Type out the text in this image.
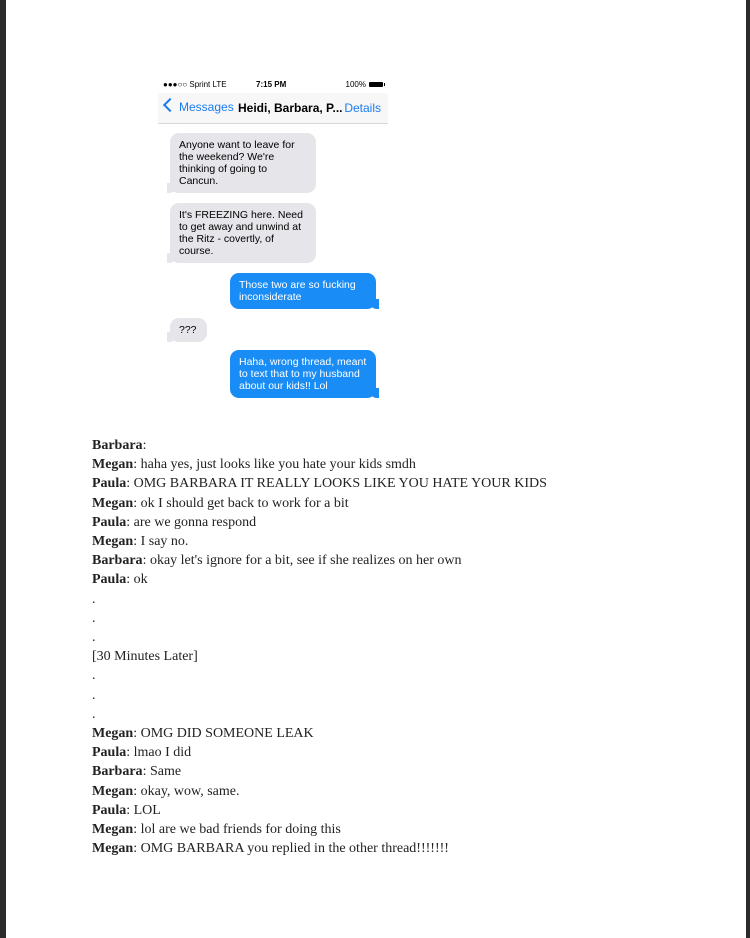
●●●○○ Sprint LTE	7:15 PM	100%
Messages Heidi, Barbara, P... Details
Anyone want to leave for the weekend? We're thinking of going to Cancun.
It's FREEZING here. Need to get away and unwind at the Ritz - covertly, of course.
Those two are so fucking inconsiderate
???
Haha, wrong thread, meant to text that to my husband about our kids!! Lol
Barbara:
Megan: haha yes, just looks like you hate your kids smdh
Paula: OMG BARBARA IT REALLY LOOKS LIKE YOU HATE YOUR KIDS
Megan: ok I should get back to work for a bit
Paula: are we gonna respond
Megan: I say no.
Barbara: okay let's ignore for a bit, see if she realizes on her own
Paula: ok
.
.
.
[30 Minutes Later]
.
.
.
Megan: OMG DID SOMEONE LEAK
Paula: lmao I did
Barbara: Same
Megan: okay, wow, same.
Paula: LOL
Megan: lol are we bad friends for doing this
Megan: OMG BARBARA you replied in the other thread!!!!!!!
